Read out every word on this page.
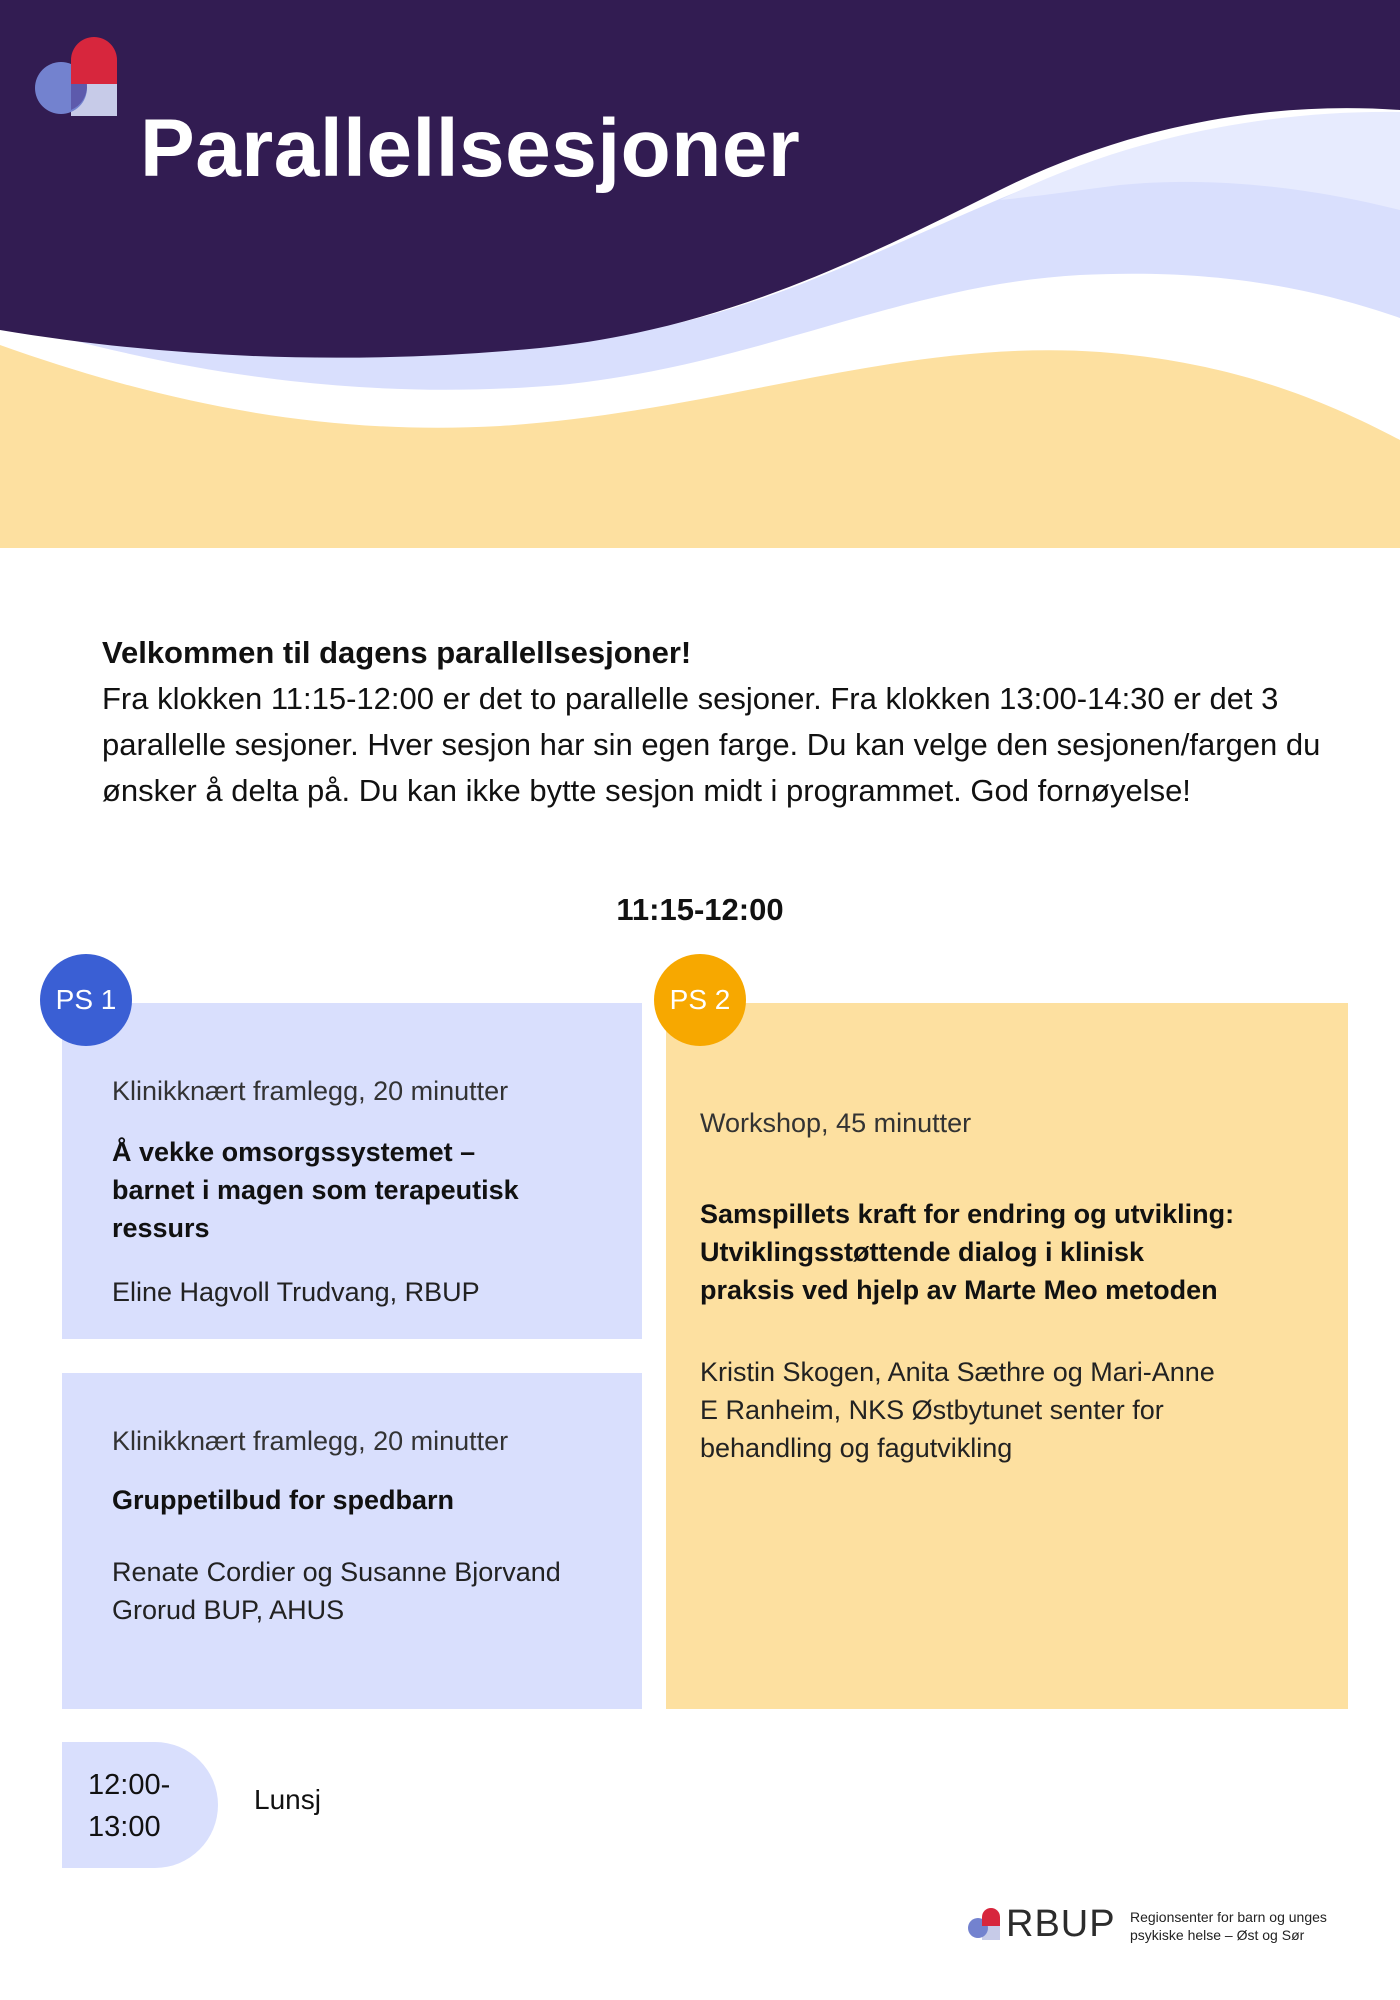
Parallellsesjoner
Velkommen til dagens parallellsesjoner!
Fra klokken 11:15-12:00 er det to parallelle sesjoner. Fra klokken 13:00-14:30 er det 3 parallelle sesjoner. Hver sesjon har sin egen farge. Du kan velge den sesjonen/fargen du ønsker å delta på. Du kan ikke bytte sesjon midt i programmet. God fornøyelse!
11:15-12:00
Klinikknært framlegg, 20 minutter
Å vekke omsorgssystemet –
barnet i magen som terapeutisk
ressurs
Eline Hagvoll Trudvang, RBUP
Klinikknært framlegg, 20 minutter
Gruppetilbud for spedbarn
Renate Cordier og Susanne Bjorvand
Grorud BUP, AHUS
Workshop, 45 minutter
Samspillets kraft for endring og utvikling:
Utviklingsstøttende dialog i klinisk
praksis ved hjelp av Marte Meo metoden
Kristin Skogen, Anita Sæthre og Mari-Anne
E Ranheim, NKS Østbytunet senter for
behandling og fagutvikling
PS 1	PS 2
12:00-
13:00
Lunsj
RBUP Regionsenter for barn og unges
psykiske helse – Øst og Sør
